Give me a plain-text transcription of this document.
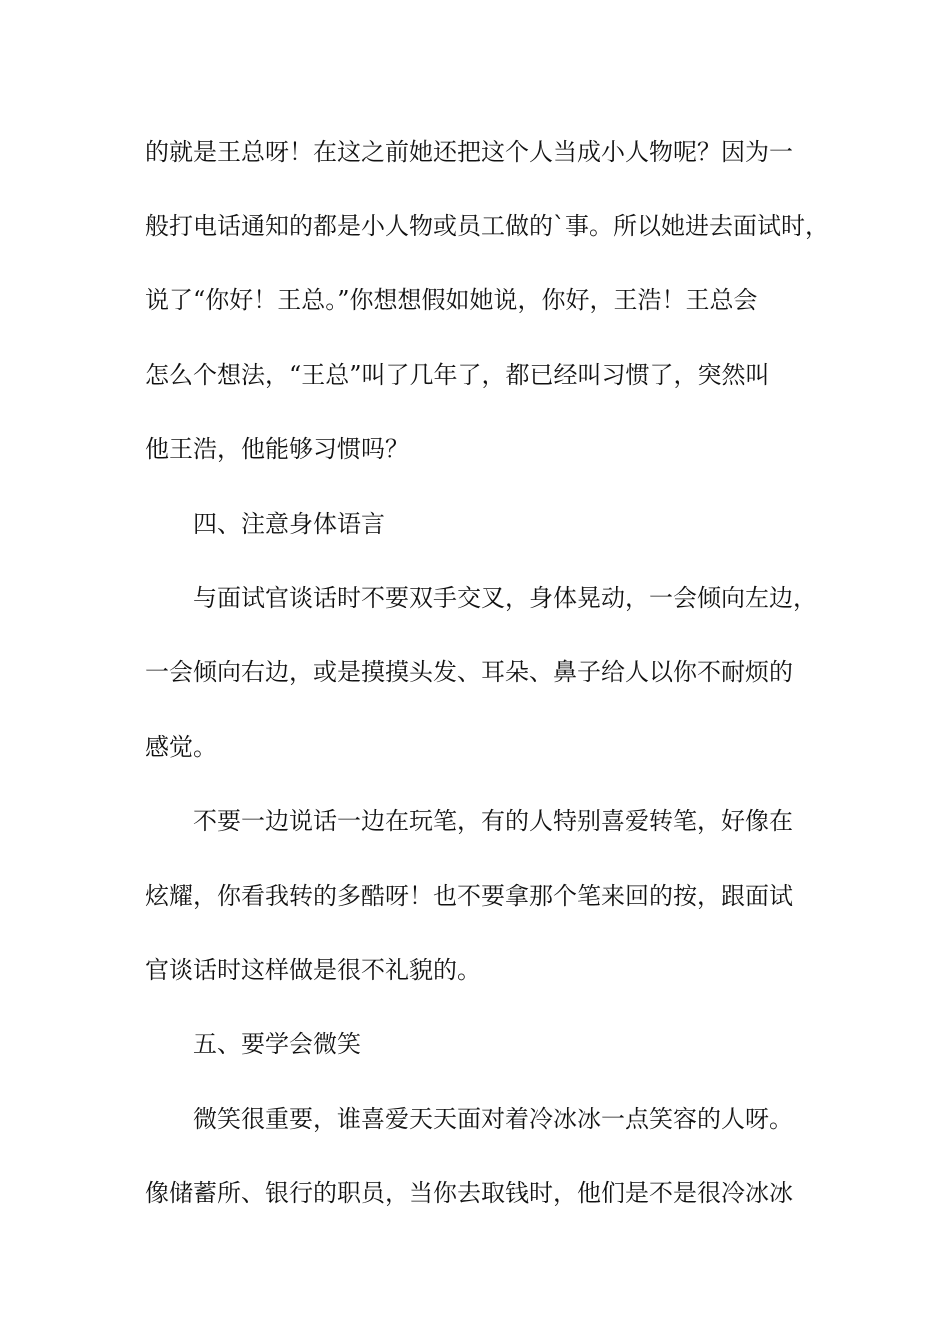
的就是王总呀！在这之前她还把这个人当成小人物呢？因为一
般打电话通知的都是小人物或员工做的`事。所以她进去面试时，
说了“你好！王总。”你想想假如她说，你好，王浩！王总会
怎么个想法，“王总”叫了几年了，都已经叫习惯了，突然叫
他王浩，他能够习惯吗？
四、注意身体语言
与面试官谈话时不要双手交叉，身体晃动，一会倾向左边，
一会倾向右边，或是摸摸头发、耳朵、鼻子给人以你不耐烦的
感觉。
不要一边说话一边在玩笔，有的人特别喜爱转笔，好像在
炫耀，你看我转的多酷呀！也不要拿那个笔来回的按，跟面试
官谈话时这样做是很不礼貌的。
五、要学会微笑
微笑很重要，谁喜爱天天面对着冷冰冰一点笑容的人呀。
像储蓄所、银行的职员，当你去取钱时，他们是不是很冷冰冰
